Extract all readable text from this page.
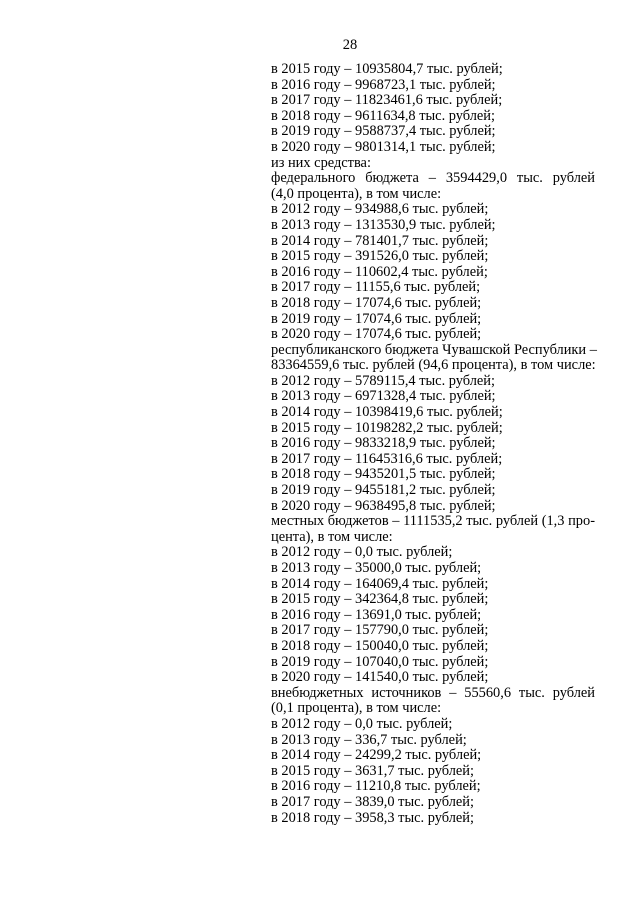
28
в 2015 году – 10935804,7 тыс. рублей;
в 2016 году – 9968723,1 тыс. рублей;
в 2017 году – 11823461,6 тыс. рублей;
в 2018 году – 9611634,8 тыс. рублей;
в 2019 году – 9588737,4 тыс. рублей;
в 2020 году – 9801314,1 тыс. рублей;
из них средства:
федерального бюджета – 3594429,0 тыс. рублей
(4,0 процента), в том числе:
в 2012 году – 934988,6 тыс. рублей;
в 2013 году – 1313530,9 тыс. рублей;
в 2014 году – 781401,7 тыс. рублей;
в 2015 году – 391526,0 тыс. рублей;
в 2016 году – 110602,4 тыс. рублей;
в 2017 году – 11155,6 тыс. рублей;
в 2018 году – 17074,6 тыс. рублей;
в 2019 году – 17074,6 тыс. рублей;
в 2020 году – 17074,6 тыс. рублей;
республиканского бюджета Чувашской Республики –
83364559,6 тыс. рублей (94,6 процента), в том числе:
в 2012 году – 5789115,4 тыс. рублей;
в 2013 году – 6971328,4 тыс. рублей;
в 2014 году – 10398419,6 тыс. рублей;
в 2015 году – 10198282,2 тыс. рублей;
в 2016 году – 9833218,9 тыс. рублей;
в 2017 году – 11645316,6 тыс. рублей;
в 2018 году – 9435201,5 тыс. рублей;
в 2019 году – 9455181,2 тыс. рублей;
в 2020 году – 9638495,8 тыс. рублей;
местных бюджетов – 1111535,2 тыс. рублей (1,3 про-
цента), в том числе:
в 2012 году – 0,0 тыс. рублей;
в 2013 году – 35000,0 тыс. рублей;
в 2014 году – 164069,4 тыс. рублей;
в 2015 году – 342364,8 тыс. рублей;
в 2016 году – 13691,0 тыс. рублей;
в 2017 году – 157790,0 тыс. рублей;
в 2018 году – 150040,0 тыс. рублей;
в 2019 году – 107040,0 тыс. рублей;
в 2020 году – 141540,0 тыс. рублей;
внебюджетных источников – 55560,6 тыс. рублей
(0,1 процента), в том числе:
в 2012 году – 0,0 тыс. рублей;
в 2013 году – 336,7 тыс. рублей;
в 2014 году – 24299,2 тыс. рублей;
в 2015 году – 3631,7 тыс. рублей;
в 2016 году – 11210,8 тыс. рублей;
в 2017 году – 3839,0 тыс. рублей;
в 2018 году – 3958,3 тыс. рублей;
